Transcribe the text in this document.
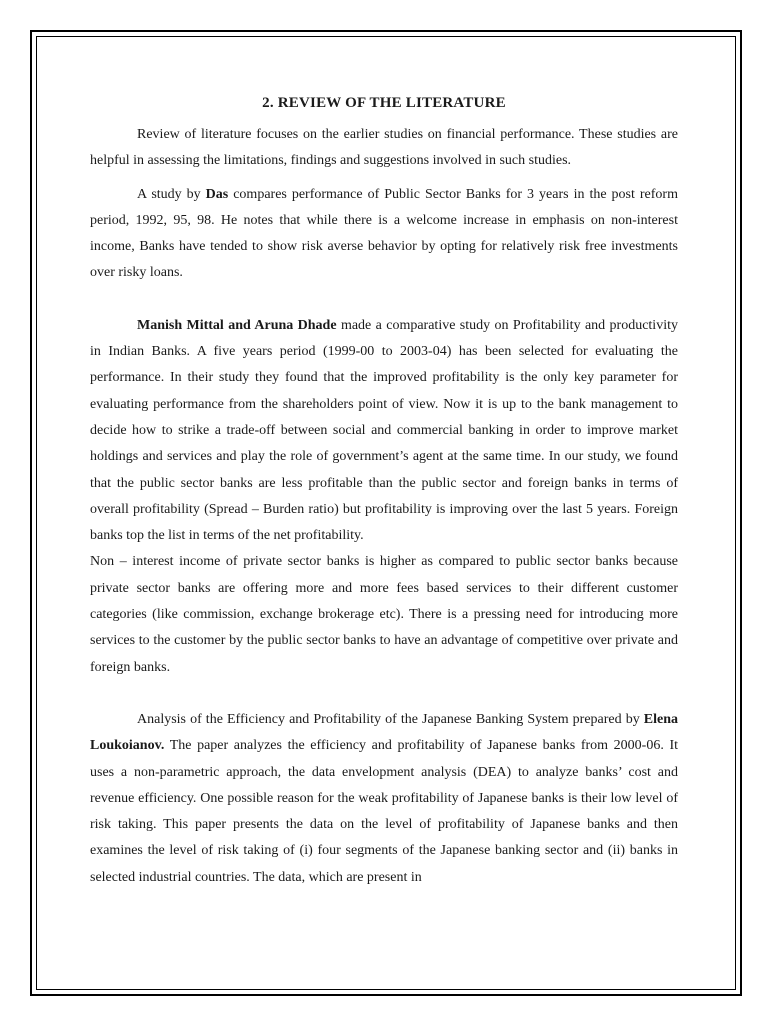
2. REVIEW OF THE LITERATURE

Review of literature focuses on the earlier studies on financial performance. These studies are helpful in assessing the limitations, findings and suggestions involved in such studies.

A study by Das compares performance of Public Sector Banks for 3 years in the post reform period, 1992, 95, 98. He notes that while there is a welcome increase in emphasis on non-interest income, Banks have tended to show risk averse behavior by opting for relatively risk free investments over risky loans.

Manish Mittal and Aruna Dhade made a comparative study on Profitability and productivity in Indian Banks. A five years period (1999-00 to 2003-04) has been selected for evaluating the performance. In their study they found that the improved profitability is the only key parameter for evaluating performance from the shareholders point of view. Now it is up to the bank management to decide how to strike a trade-off between social and commercial banking in order to improve market holdings and services and play the role of government’s agent at the same time. In our study, we found that the public sector banks are less profitable than the public sector and foreign banks in terms of overall profitability (Spread – Burden ratio) but profitability is improving over the last 5 years. Foreign banks top the list in terms of the net profitability.

Non – interest income of private sector banks is higher as compared to public sector banks because private sector banks are offering more and more fees based services to their different customer categories (like commission, exchange brokerage etc). There is a pressing need for introducing more services to the customer by the public sector banks to have an advantage of competitive over private and foreign banks.

Analysis of the Efficiency and Profitability of the Japanese Banking System prepared by Elena Loukoianov. The paper analyzes the efficiency and profitability of Japanese banks from 2000-06. It uses a non-parametric approach, the data envelopment analysis (DEA) to analyze banks’ cost and revenue efficiency. One possible reason for the weak profitability of Japanese banks is their low level of risk taking. This paper presents the data on the level of profitability of Japanese banks and then examines the level of risk taking of (i) four segments of the Japanese banking sector and (ii) banks in selected industrial countries. The data, which are present in
